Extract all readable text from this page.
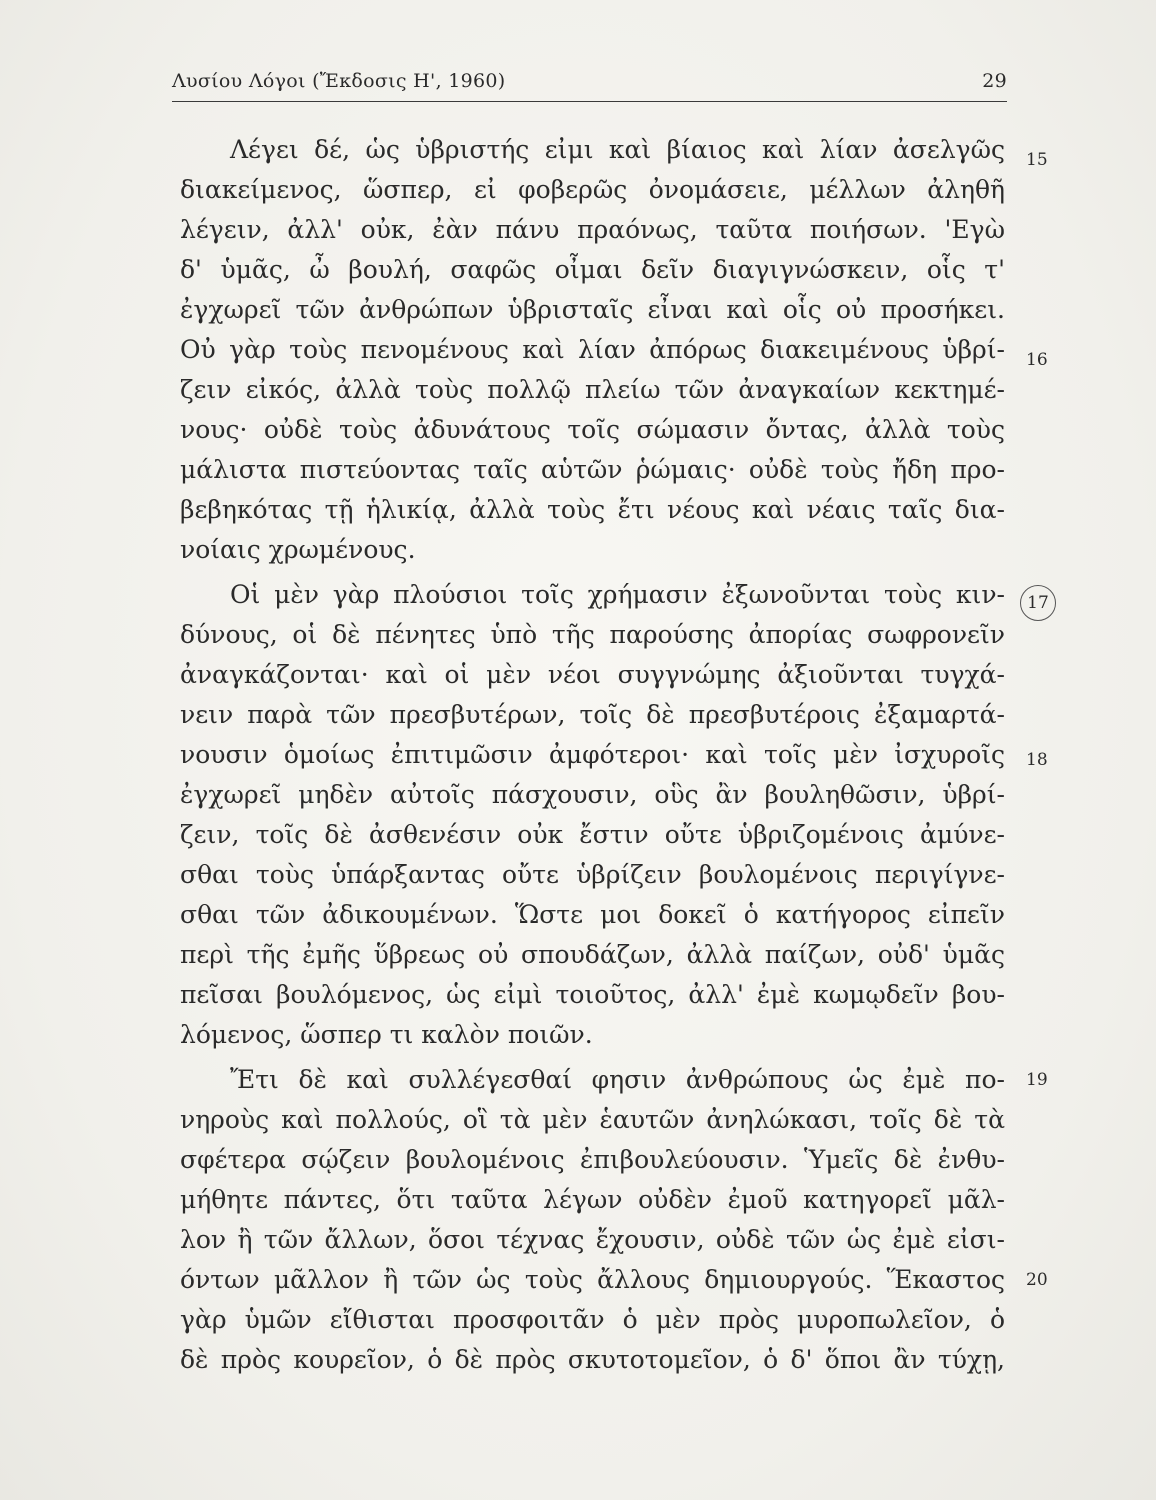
Λυσίου Λόγοι (Ἔκδοσις Η', 1960)	29
Λέγει δέ, ὡς ὑβριστής εἰμι καὶ βίαιος καὶ λίαν ἀσελγῶς
διακείμενος, ὥσπερ, εἰ φοβερῶς ὀνομάσειε, μέλλων ἀληθῆ
λέγειν, ἀλλ' οὐκ, ἐὰν πάνυ πραόνως, ταῦτα ποιήσων. 'Εγὼ
δ' ὑμᾶς, ὦ βουλή, σαφῶς οἶμαι δεῖν διαγιγνώσκειν, οἷς τ'
ἐγχωρεῖ τῶν ἀνθρώπων ὑβρισταῖς εἶναι καὶ οἷς οὐ προσήκει.
Οὐ γὰρ τοὺς πενομένους καὶ λίαν ἀπόρως διακειμένους ὑβρί-
ζειν εἰκός, ἀλλὰ τοὺς πολλῷ πλείω τῶν ἀναγκαίων κεκτημέ-
νους· οὐδὲ τοὺς ἀδυνάτους τοῖς σώμασιν ὄντας, ἀλλὰ τοὺς
μάλιστα πιστεύοντας ταῖς αὑτῶν ῥώμαις· οὐδὲ τοὺς ἤδη προ-
βεβηκότας τῇ ἡλικίᾳ, ἀλλὰ τοὺς ἔτι νέους καὶ νέαις ταῖς δια-
νοίαις χρωμένους.
Οἱ μὲν γὰρ πλούσιοι τοῖς χρήμασιν ἐξωνοῦνται τοὺς κιν-
δύνους, οἱ δὲ πένητες ὑπὸ τῆς παρούσης ἀπορίας σωφρονεῖν
ἀναγκάζονται· καὶ οἱ μὲν νέοι συγγνώμης ἀξιοῦνται τυγχά-
νειν παρὰ τῶν πρεσβυτέρων, τοῖς δὲ πρεσβυτέροις ἐξαμαρτά-
νουσιν ὁμοίως ἐπιτιμῶσιν ἀμφότεροι· καὶ τοῖς μὲν ἰσχυροῖς
ἐγχωρεῖ μηδὲν αὐτοῖς πάσχουσιν, οὓς ἂν βουληθῶσιν, ὑβρί-
ζειν, τοῖς δὲ ἀσθενέσιν οὐκ ἔστιν οὔτε ὑβριζομένοις ἀμύνε-
σθαι τοὺς ὑπάρξαντας οὔτε ὑβρίζειν βουλομένοις περιγίγνε-
σθαι τῶν ἀδικουμένων. Ὥστε μοι δοκεῖ ὁ κατήγορος εἰπεῖν
περὶ τῆς ἐμῆς ὕβρεως οὐ σπουδάζων, ἀλλὰ παίζων, οὐδ' ὑμᾶς
πεῖσαι βουλόμενος, ὡς εἰμὶ τοιοῦτος, ἀλλ' ἐμὲ κωμῳδεῖν βου-
λόμενος, ὥσπερ τι καλὸν ποιῶν.
Ἔτι δὲ καὶ συλλέγεσθαί φησιν ἀνθρώπους ὡς ἐμὲ πο-
νηροὺς καὶ πολλούς, οἳ τὰ μὲν ἑαυτῶν ἀνηλώκασι, τοῖς δὲ τὰ
σφέτερα σῴζειν βουλομένοις ἐπιβουλεύουσιν. Ὑμεῖς δὲ ἐνθυ-
μήθητε πάντες, ὅτι ταῦτα λέγων οὐδὲν ἐμοῦ κατηγορεῖ μᾶλ-
λον ἢ τῶν ἄλλων, ὅσοι τέχνας ἔχουσιν, οὐδὲ τῶν ὡς ἐμὲ εἰσι-
όντων μᾶλλον ἢ τῶν ὡς τοὺς ἄλλους δημιουργούς. Ἕκαστος
γὰρ ὑμῶν εἴθισται προσφοιτᾶν ὁ μὲν πρὸς μυροπωλεῖον, ὁ
δὲ πρὸς κουρεῖον, ὁ δὲ πρὸς σκυτοτομεῖον, ὁ δ' ὅποι ἂν τύχῃ,
15
16
17
18
19
20
